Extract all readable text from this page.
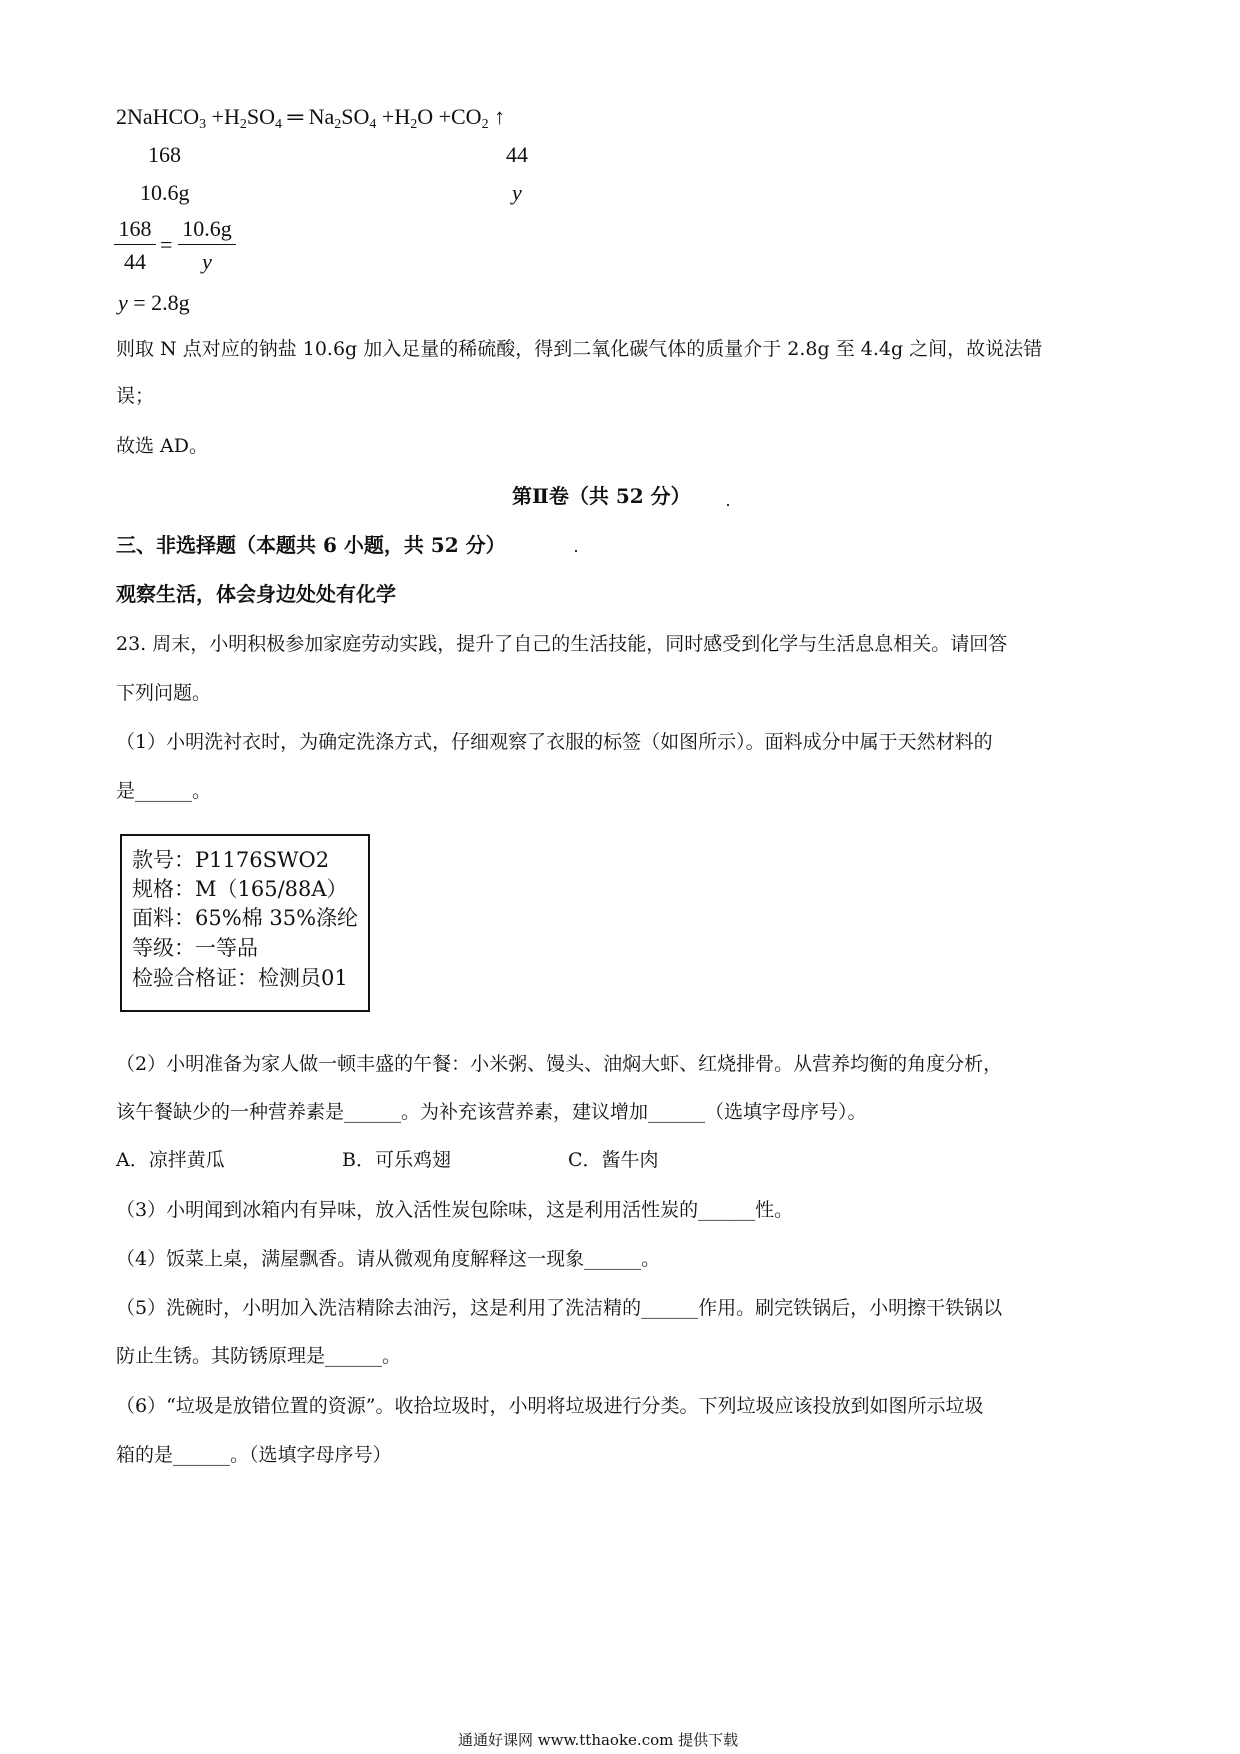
2NaHCO$_3$ $+H_2SO_4$ ═ $Na_2SO_4 +H_2O +CO_2$ ↑
168	44
10.6g	y
$\frac{168}{44} = \frac{10.6g}{y}$
y = 2.8g
则取 N 点对应的钠盐 10.6g 加入足量的稀硫酸，得到二氧化碳气体的质量介于 2.8g 至 4.4g 之间，故说法错
误；
故选 AD。
第Ⅱ卷（共 52 分）
三、非选择题（本题共 6 小题，共 52 分）
观察生活，体会身边处处有化学
23. 周末，小明积极参加家庭劳动实践，提升了自己的生活技能，同时感受到化学与生活息息相关。请回答
下列问题。
（1）小明洗衬衣时，为确定洗涤方式，仔细观察了衣服的标签（如图所示）。面料成分中属于天然材料的
是______。
款号：P1176SWO2
规格：M（165/88A）
面料：65%棉 35%涤纶
等级：一等品
检验合格证：检测员01
（2）小明准备为家人做一顿丰盛的午餐：小米粥、馒头、油焖大虾、红烧排骨。从营养均衡的角度分析，
该午餐缺少的一种营养素是______。为补充该营养素，建议增加______（选填字母序号）。
A．凉拌黄瓜	B．可乐鸡翅	C．酱牛肉
（3）小明闻到冰箱内有异味，放入活性炭包除味，这是利用活性炭的______性。
（4）饭菜上桌，满屋飘香。请从微观角度解释这一现象______。
（5）洗碗时，小明加入洗洁精除去油污，这是利用了洗洁精的______作用。刷完铁锅后，小明擦干铁锅以
防止生锈。其防锈原理是______。
（6）“垃圾是放错位置的资源”。收拾垃圾时，小明将垃圾进行分类。下列垃圾应该投放到如图所示垃圾
箱的是______。（选填字母序号）
通通好课网 www.tthaoke.com 提供下载
